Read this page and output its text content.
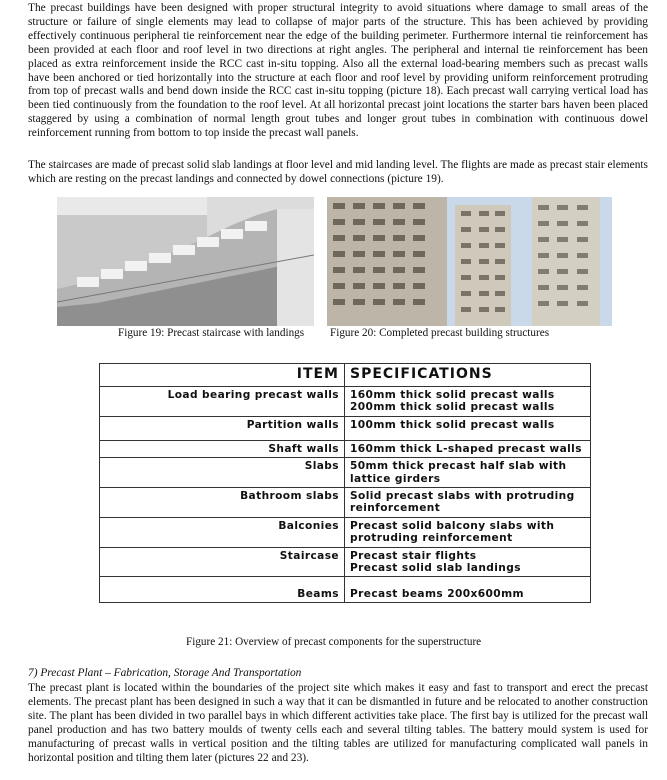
The precast buildings have been designed with proper structural integrity to avoid situations where damage to small areas of the structure or failure of single elements may lead to collapse of major parts of the structure. This has been achieved by providing effectively continuous peripheral tie reinforcement near the edge of the building perimeter. Furthermore internal tie reinforcement has been provided at each floor and roof level in two directions at right angles. The peripheral and internal tie reinforcement has been placed as extra reinforcement inside the RCC cast in-situ topping. Also all the external load-bearing members such as precast walls have been anchored or tied horizontally into the structure at each floor and roof level by providing uniform reinforcement protruding from top of precast walls and bend down inside the RCC cast in-situ topping (picture 18). Each precast wall carrying vertical load has been tied continuously from the foundation to the roof level. At all horizontal precast joint locations the starter bars haven been placed staggered by using a combination of normal length grout tubes and longer grout tubes in combination with continuous dowel reinforcement running from bottom to top inside the precast wall panels.

The staircases are made of precast solid slab landings at floor level and mid landing level. The flights are made as precast stair elements which are resting on the precast landings and connected by dowel connections (picture 19).

Figure 19: Precast staircase with landings Figure 20: Completed precast building structures
ITEM	SPECIFICATIONS
Load bearing precast walls	160mm thick solid precast walls
200mm thick solid precast walls

Partition walls	100mm thick solid precast walls

Shaft walls	160mm thick L-shaped precast walls

Slabs	50mm thick precast half slab with lattice girders

Bathroom slabs	Solid precast slabs with protruding reinforcement

Balconies	Precast solid balcony slabs with protruding reinforcement

Staircase	Precast stair flights
Precast solid slab landings

Beams	Precast beams 200x600mm
Figure 21: Overview of precast components for the superstructure
7) Precast Plant – Fabrication, Storage And Transportation

The precast plant is located within the boundaries of the project site which makes it easy and fast to transport and erect the precast elements. The precast plant has been designed in such a way that it can be dismantled in future and be relocated to another construction site. The plant has been divided in two parallel bays in which different activities take place. The first bay is utilized for the precast wall panel production and has two battery moulds of twenty cells each and several tilting tables. The battery mould system is used for manufacturing of precast walls in vertical position and the tilting tables are utilized for manufacturing complicated wall panels in horizontal position and tilting them later (pictures 22 and 23).
